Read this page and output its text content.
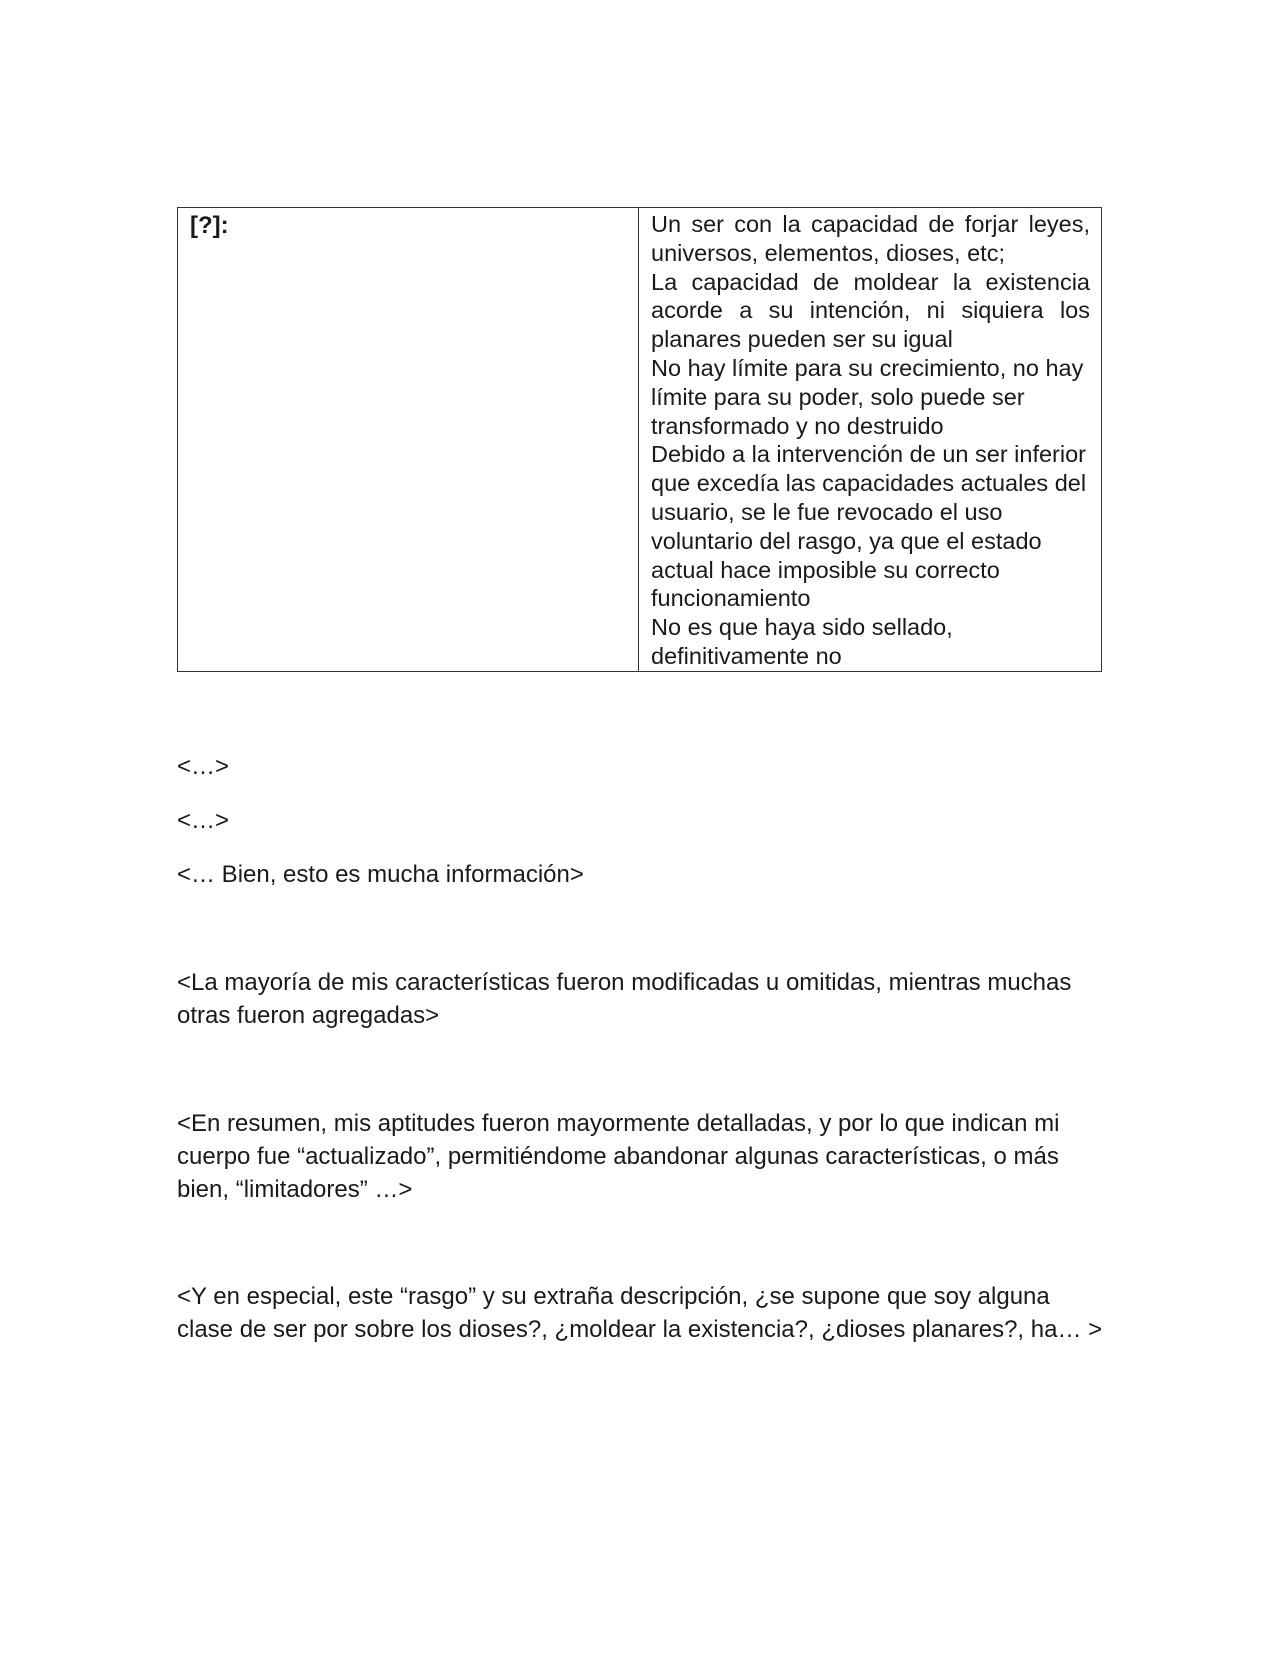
[?]:	Un ser con la capacidad de forjar leyes, universos, elementos, dioses, etc;
La capacidad de moldear la existencia acorde a su intención, ni siquiera los planares pueden ser su igual
No hay límite para su crecimiento, no hay límite para su poder, solo puede ser transformado y no destruido
Debido a la intervención de un ser inferior que excedía las capacidades actuales del usuario, se le fue revocado el uso voluntario del rasgo, ya que el estado actual hace imposible su correcto funcionamiento
No es que haya sido sellado, definitivamente no

<…>

<…>

<… Bien, esto es mucha información>

<La mayoría de mis características fueron modificadas u omitidas, mientras muchas otras fueron agregadas>

<En resumen, mis aptitudes fueron mayormente detalladas, y por lo que indican mi cuerpo fue “actualizado”, permitiéndome abandonar algunas características, o más bien, “limitadores” …>

<Y en especial, este “rasgo” y su extraña descripción, ¿se supone que soy alguna clase de ser por sobre los dioses?, ¿moldear la existencia?, ¿dioses planares?, ha… >
